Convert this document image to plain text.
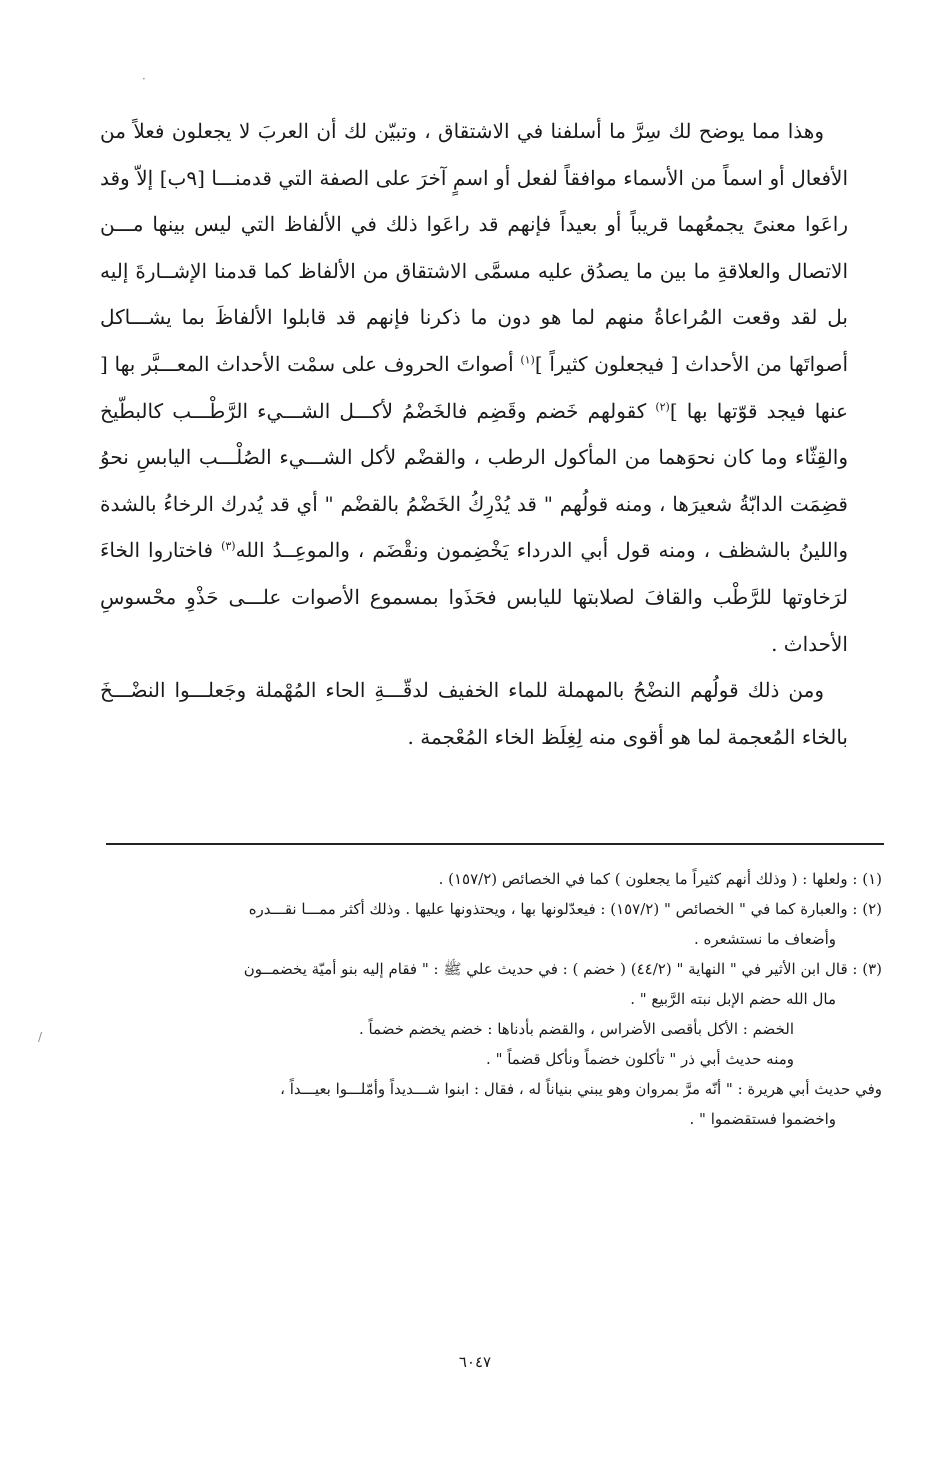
وهذا مما يوضح لك سِرَّ ما أسلفنا في الاشتقاق ، وتبيّن لك أن العربَ لا يجعلون فعلاً من الأفعال أو اسماً من الأسماء موافقاً لفعل أو اسمٍ آخرَ على الصفة التي قدمنـــا [٩ب] إلاّ وقد راعَوا معنىً يجمعُهما قريباً أو بعيداً فإنهم قد راعَوا ذلك في الألفاظ التي ليس بينها مـــن الاتصال والعلاقةِ ما بين ما يصدُق عليه مسمَّى الاشتقاق من الألفاظ كما قدمنا الإشــارةَ إليه بل لقد وقعت المُراعاةُ منهم لما هو دون ما ذكرنا فإنهم قد قابلوا الألفاظَ بما يشـــاكل أصواتَها من الأحداث [ فيجعلون كثيراً ]$^{(١)}$ أصواتَ الحروف على سمْت الأحداث المعـــبَّر بها [ عنها فيجد قوّتها بها ]$^{(٢)}$ كقولهم خَضم وقَضِم فالخَضْمُ لأكـــل الشـــيء الرَّطْـــب كالبطّيخ والقِثّاء وما كان نحوَهما من المأكول الرطب ، والقضْم لأكل الشـــيء الصُلْـــب اليابسِ نحوُ قضِمَت الدابّةُ شعيرَها ، ومنه قولُهم " قد يُدْرِكُ الخَضْمُ بالقضْم " أي قد يُدرك الرخاءُ بالشدة واللينُ بالشظف ، ومنه قول أبي الدرداء يَخْضِمون ونقْضَم ، والموعِــدُ الله$^{(٣)}$ فاختاروا الخاءَ لرَخاوتها للرَّطْب والقافَ لصلابتها لليابس فحَذَوا بمسموع الأصوات علـــى حَذْوِ محْسوسِ الأحداث .

ومن ذلك قولُهم النضْحُ بالمهملة للماء الخفيف لدقّـــةِ الحاء المُهْملة وجَعلـــوا النضْـــخَ بالخاء المُعجمة لما هو أقوى منه لِغِلَظ الخاء المُعْجمة .

(١) : ولعلها : ( وذلك أنهم كثيراً ما يجعلون ) كما في الخصائص (١٥٧/٢) .

(٢) : والعبارة كما في " الخصائص " (١٥٧/٢) : فيعدّلونها بها ، ويحتذونها عليها . وذلك أكثر ممـــا نقـــدره

وأضعاف ما نستشعره .

(٣) : قال ابن الأثير في " النهاية " (٤٤/٢) ( خضم ) : في حديث علي ﷺ : " فقام إليه بنو أميّة يخضمــون

مال الله حضم الإبل نبته الرَّبيع " .

الخضم : الأكل بأقصى الأضراس ، والقضم بأدناها : خضم يخضم خضماً .

ومنه حديث أبي ذر " تأكلون خضماً ونأكل قضماً " .

وفي حديث أبي هريرة : " أنّه مرَّ بمروان وهو يبني بنياناً له ، فقال : ابنوا شـــديداً وأمّلـــوا بعيـــداً ،

واخضموا فستقضموا " .

٦٠٤٧
·
/
